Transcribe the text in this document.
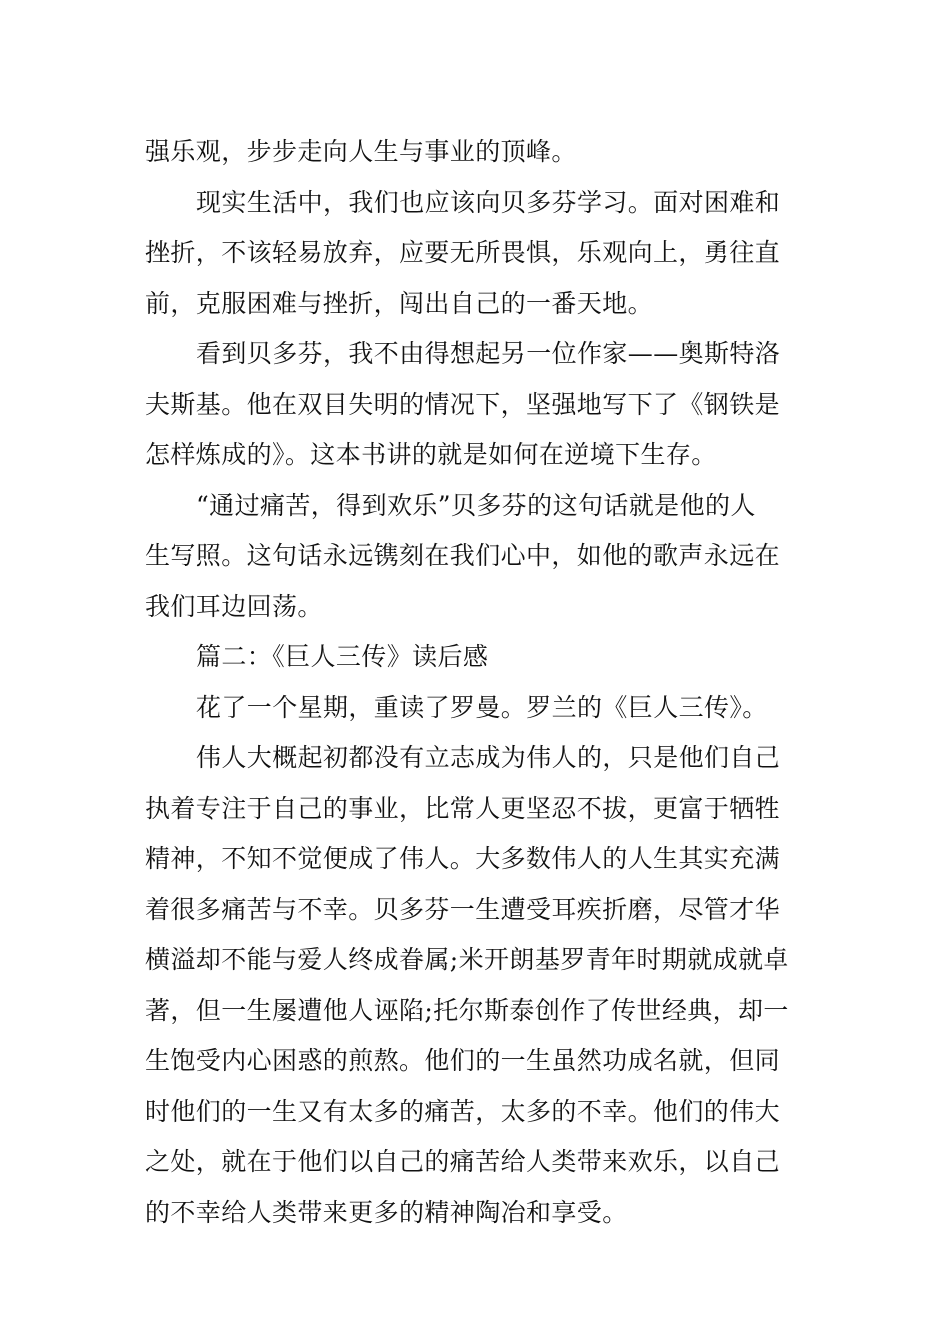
强乐观，步步走向人生与事业的顶峰。

现实生活中，我们也应该向贝多芬学习。面对困难和
挫折，不该轻易放弃，应要无所畏惧，乐观向上，勇往直
前，克服困难与挫折，闯出自己的一番天地。

看到贝多芬，我不由得想起另一位作家——奥斯特洛
夫斯基。他在双目失明的情况下，坚强地写下了《钢铁是
怎样炼成的》。这本书讲的就是如何在逆境下生存。

“通过痛苦，得到欢乐”贝多芬的这句话就是他的人
生写照。这句话永远镌刻在我们心中，如他的歌声永远在
我们耳边回荡。

篇二：《巨人三传》读后感

花了一个星期，重读了罗曼。罗兰的《巨人三传》。

伟人大概起初都没有立志成为伟人的，只是他们自己
执着专注于自己的事业，比常人更坚忍不拔，更富于牺牲
精神，不知不觉便成了伟人。大多数伟人的人生其实充满
着很多痛苦与不幸。贝多芬一生遭受耳疾折磨，尽管才华
横溢却不能与爱人终成眷属;米开朗基罗青年时期就成就卓
著，但一生屡遭他人诬陷;托尔斯泰创作了传世经典，却一
生饱受内心困惑的煎熬。他们的一生虽然功成名就，但同
时他们的一生又有太多的痛苦，太多的不幸。他们的伟大
之处，就在于他们以自己的痛苦给人类带来欢乐，以自己
的不幸给人类带来更多的精神陶冶和享受。
